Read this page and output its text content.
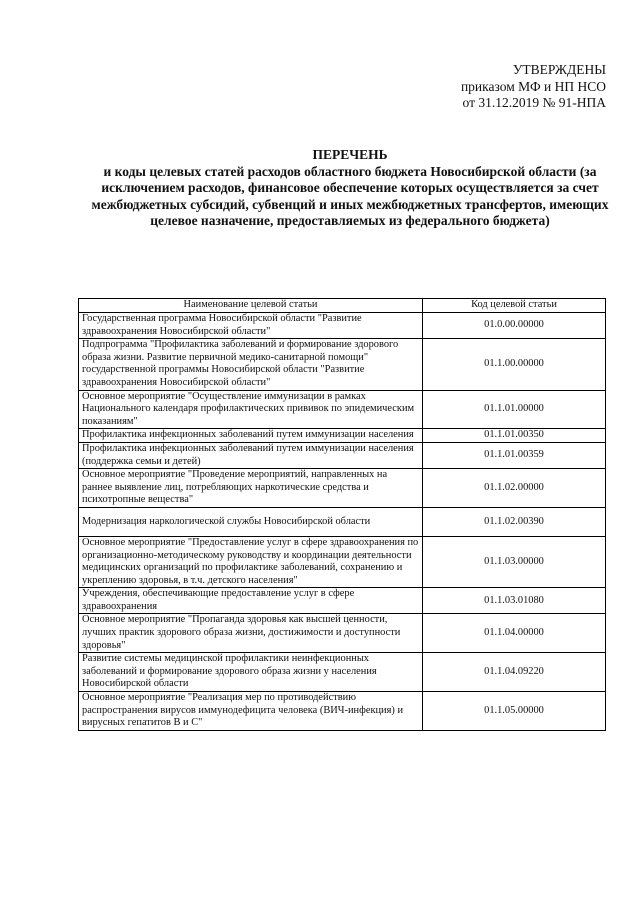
УТВЕРЖДЕНЫ
приказом МФ и НП НСО
от 31.12.2019 № 91-НПА
ПЕРЕЧЕНЬ
и коды целевых статей расходов областного бюджета Новосибирской области (за исключением расходов, финансовое обеспечение которых осуществляется за счет межбюджетных субсидий, субвенций и иных межбюджетных трансфертов, имеющих целевое назначение, предоставляемых из федерального бюджета)
Наименование целевой статьи	Код целевой статьи
Государственная программа Новосибирской области "Развитие здравоохранения Новосибирской области"	01.0.00.00000
Подпрограмма "Профилактика заболеваний и формирование здорового образа жизни. Развитие первичной медико-санитарной помощи" государственной программы Новосибирской области "Развитие здравоохранения Новосибирской области"	01.1.00.00000
Основное мероприятие "Осуществление иммунизации в рамках Национального календаря профилактических прививок по эпидемическим показаниям"	01.1.01.00000
Профилактика инфекционных заболеваний путем иммунизации населения	01.1.01.00350
Профилактика инфекционных заболеваний путем иммунизации населения (поддержка семьи и детей)	01.1.01.00359
Основное мероприятие "Проведение мероприятий, направленных на раннее выявление лиц, потребляющих наркотические средства и психотропные вещества"	01.1.02.00000
Модернизация наркологической службы Новосибирской области	01.1.02.00390
Основное мероприятие "Предоставление услуг в сфере здравоохранения по организационно-методическому руководству и координации деятельности медицинских организаций по профилактике заболеваний, сохранению и укреплению здоровья, в т.ч. детского населения"	01.1.03.00000
Учреждения, обеспечивающие предоставление услуг в сфере здравоохранения	01.1.03.01080
Основное мероприятие "Пропаганда здоровья как высшей ценности, лучших практик здорового образа жизни, достижимости и доступности здоровья"	01.1.04.00000
Развитие системы медицинской профилактики неинфекционных заболеваний и формирование здорового образа жизни у населения Новосибирской области	01.1.04.09220
Основное мероприятие "Реализация мер по противодействию распространения вирусов иммунодефицита человека (ВИЧ-инфекция) и вирусных гепатитов В и С"	01.1.05.00000
